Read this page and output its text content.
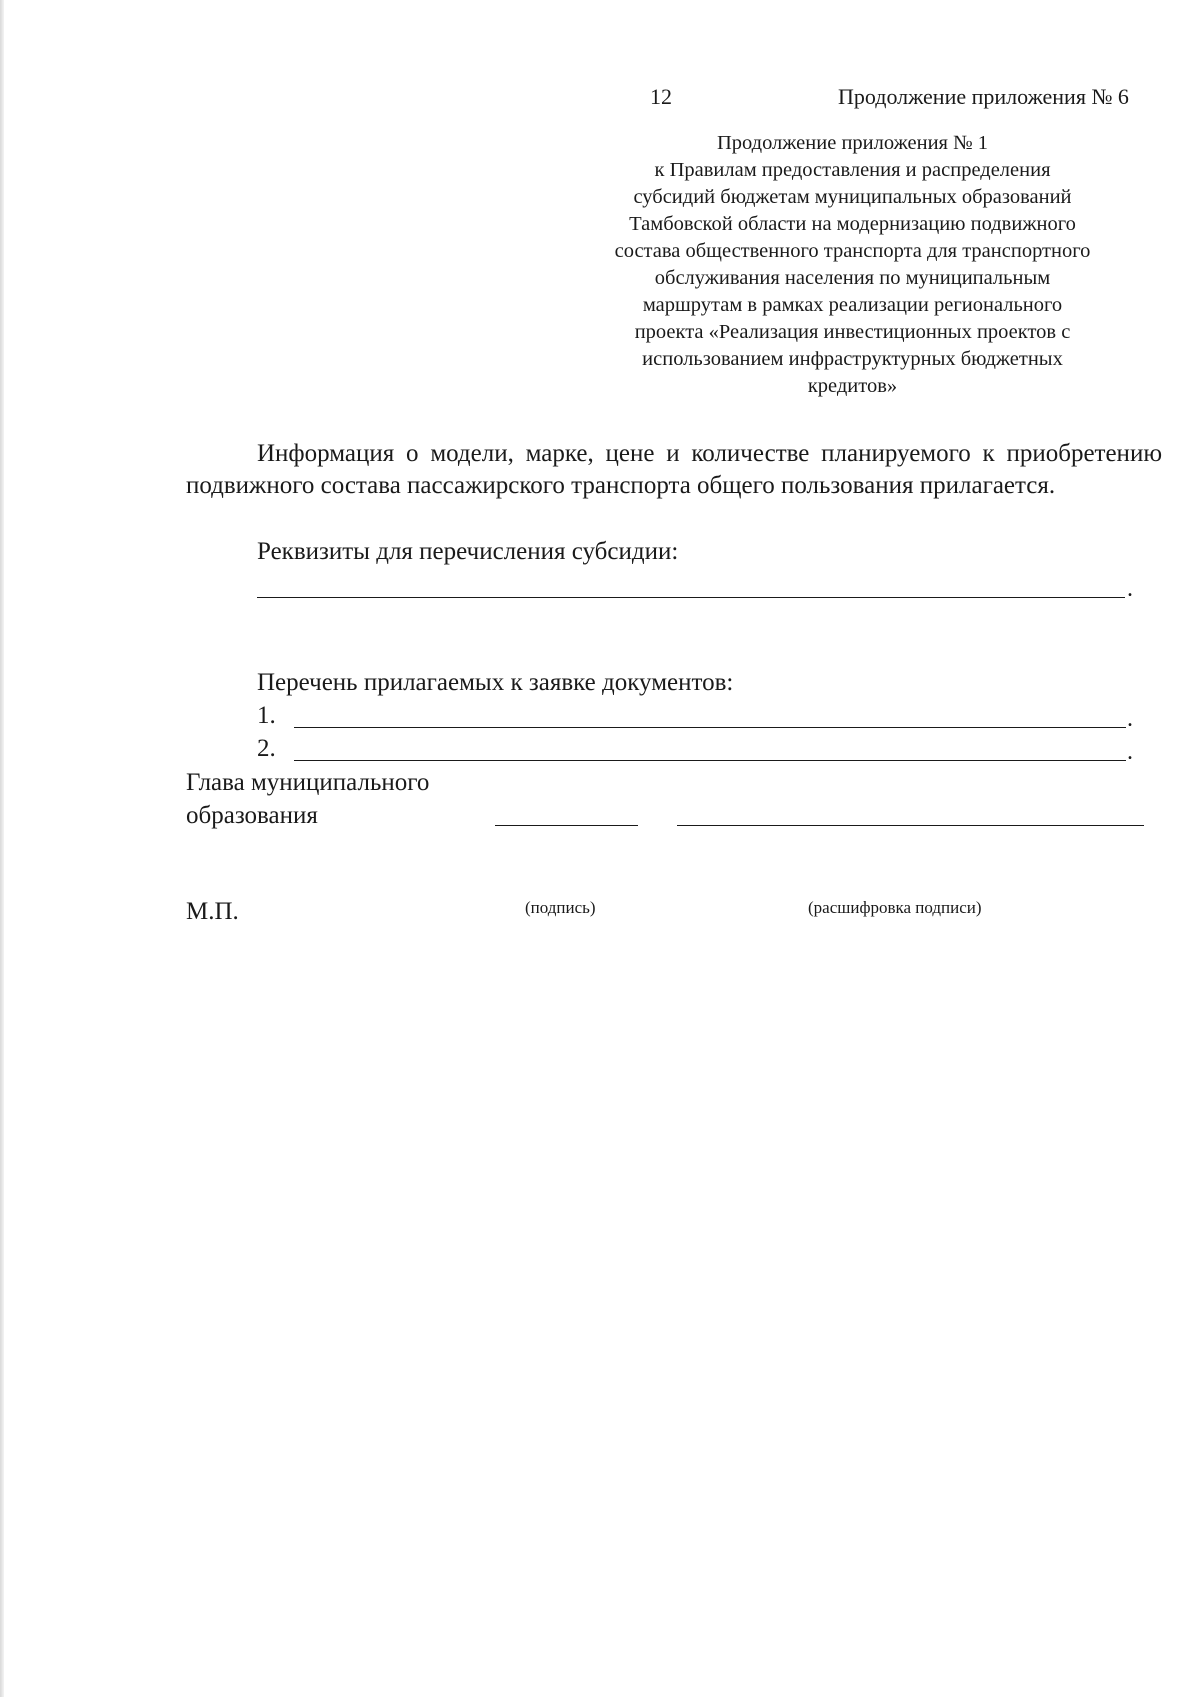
12	Продолжение приложения № 6
Продолжение приложения № 1
к Правилам предоставления и распределения
субсидий бюджетам муниципальных образований
Тамбовской области на модернизацию подвижного
состава общественного транспорта для транспортного
обслуживания населения по муниципальным
маршрутам в рамках реализации регионального
проекта «Реализация инвестиционных проектов с
использованием инфраструктурных бюджетных
кредитов»
Информация о модели, марке, цене и количестве планируемого к приобретению подвижного состава пассажирского транспорта общего пользования прилагается.
Реквизиты для перечисления субсидии:
.
Перечень прилагаемых к заявке документов:
1.	.
2.	.
Глава муниципального
образования
М.П.	(подпись)	(расшифровка подписи)
